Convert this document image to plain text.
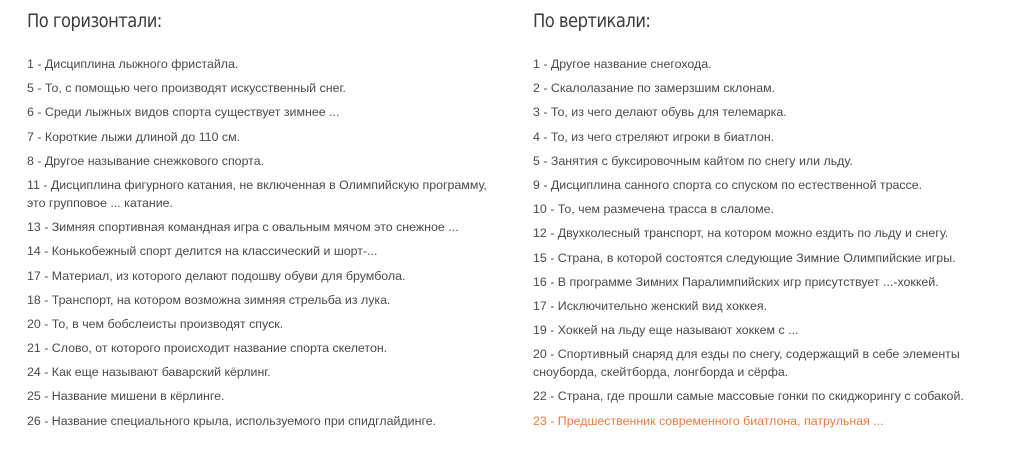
По горизонтали:
1 - Дисциплина лыжного фристайла.
5 - То, с помощью чего производят искусственный снег.
6 - Среди лыжных видов спорта существует зимнее ...
7 - Короткие лыжи длиной до 110 см.
8 - Другое называние снежкового спорта.
11 - Дисциплина фигурного катания, не включенная в Олимпийскую программу, это групповое ... катание.
13 - Зимняя спортивная командная игра с овальным мячом это снежное ...
14 - Конькобежный спорт делится на классический и шорт-...
17 - Материал, из которого делают подошву обуви для брумбола.
18 - Транспорт, на котором возможна зимняя стрельба из лука.
20 - То, в чем бобслеисты производят спуск.
21 - Слово, от которого происходит название спорта скелетон.
24 - Как еще называют баварский кёрлинг.
25 - Название мишени в кёрлинге.
26 - Название специального крыла, используемого при спидглайдинге.
По вертикали:
1 - Другое название снегохода.
2 - Скалолазание по замерзшим склонам.
3 - То, из чего делают обувь для телемарка.
4 - То, из чего стреляют игроки в биатлон.
5 - Занятия с буксировочным кайтом по снегу или льду.
9 - Дисциплина санного спорта со спуском по естественной трассе.
10 - То, чем размечена трасса в слаломе.
12 - Двухколесный транспорт, на котором можно ездить по льду и снегу.
15 - Страна, в которой состоятся следующие Зимние Олимпийские игры.
16 - В программе Зимних Паралимпийских игр присутствует ...-хоккей.
17 - Исключительно женский вид хоккея.
19 - Хоккей на льду еще называют хоккем с ...
20 - Спортивный снаряд для езды по снегу, содержащий в себе элементы сноуборда, скейтборда, лонгборда и сёрфа.
22 - Страна, где прошли самые массовые гонки по скиджорингу с собакой.
23 - Предшественник современного биатлона, патрульная ...
